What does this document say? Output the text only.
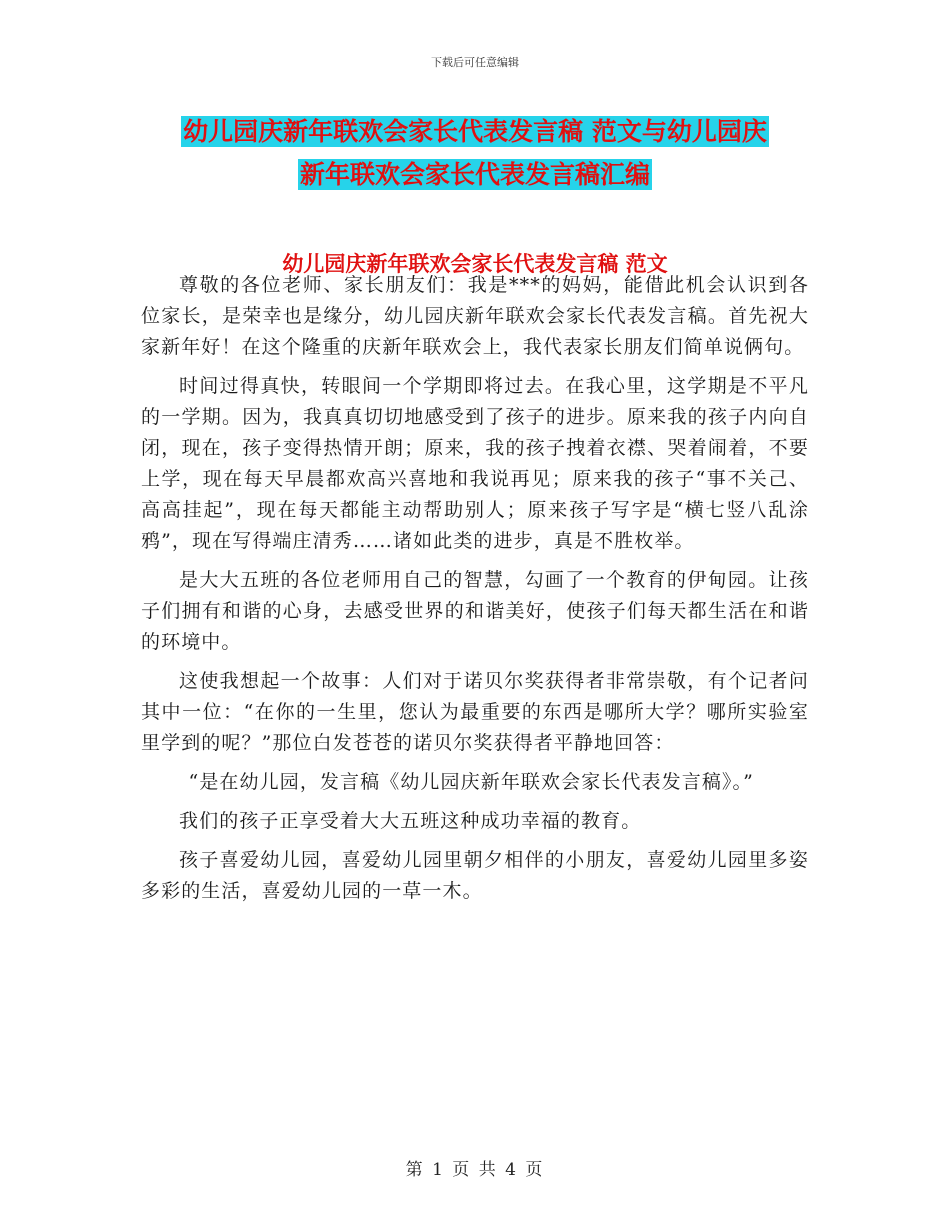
下载后可任意编辑
幼儿园庆新年联欢会家长代表发言稿 范文与幼儿园庆
新年联欢会家长代表发言稿汇编
幼儿园庆新年联欢会家长代表发言稿 范文

尊敬的各位老师、家长朋友们：我是***的妈妈，能借此机会认识到各位家长，是荣幸也是缘分，幼儿园庆新年联欢会家长代表发言稿。首先祝大家新年好！在这个隆重的庆新年联欢会上，我代表家长朋友们简单说俩句。

时间过得真快，转眼间一个学期即将过去。在我心里，这学期是不平凡的一学期。因为，我真真切切地感受到了孩子的进步。原来我的孩子内向自闭，现在，孩子变得热情开朗；原来，我的孩子拽着衣襟、哭着闹着，不要上学，现在每天早晨都欢高兴喜地和我说再见；原来我的孩子“事不关己、高高挂起”，现在每天都能主动帮助别人；原来孩子写字是“横七竖八乱涂鸦”，现在写得端庄清秀……诸如此类的进步，真是不胜枚举。

是大大五班的各位老师用自己的智慧，勾画了一个教育的伊甸园。让孩子们拥有和谐的心身，去感受世界的和谐美好，使孩子们每天都生活在和谐的环境中。

这使我想起一个故事：人们对于诺贝尔奖获得者非常崇敬，有个记者问其中一位：“在你的一生里，您认为最重要的东西是哪所大学？哪所实验室里学到的呢？”那位白发苍苍的诺贝尔奖获得者平静地回答：

“是在幼儿园，发言稿《幼儿园庆新年联欢会家长代表发言稿》。”

我们的孩子正享受着大大五班这种成功幸福的教育。

孩子喜爱幼儿园，喜爱幼儿园里朝夕相伴的小朋友，喜爱幼儿园里多姿多彩的生活，喜爱幼儿园的一草一木。

第 1 页 共 4 页
